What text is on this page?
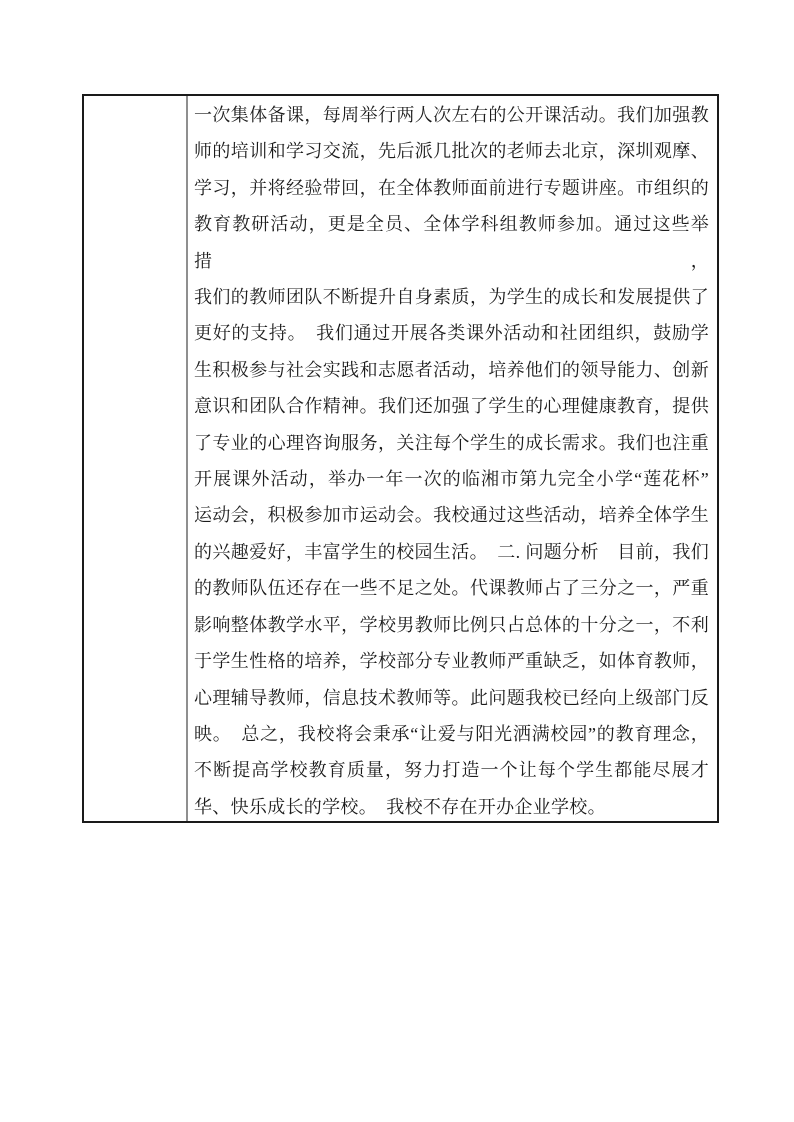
一次集体备课，每周举行两人次左右的公开课活动。我们加强教
师的培训和学习交流，先后派几批次的老师去北京，深圳观摩、
学习，并将经验带回，在全体教师面前进行专题讲座。市组织的
教育教研活动，更是全员、全体学科组教师参加。通过这些举措，
我们的教师团队不断提升自身素质，为学生的成长和发展提供了
更好的支持。　我们通过开展各类课外活动和社团组织，鼓励学
生积极参与社会实践和志愿者活动，培养他们的领导能力、创新
意识和团队合作精神。我们还加强了学生的心理健康教育，提供
了专业的心理咨询服务，关注每个学生的成长需求。我们也注重
开展课外活动，举办一年一次的临湘市第九完全小学“莲花杯”
运动会，积极参加市运动会。我校通过这些活动，培养全体学生
的兴趣爱好，丰富学生的校园生活。　二. 问题分析　目前，我们
的教师队伍还存在一些不足之处。代课教师占了三分之一，严重
影响整体教学水平，学校男教师比例只占总体的十分之一，不利
于学生性格的培养，学校部分专业教师严重缺乏，如体育教师，
心理辅导教师，信息技术教师等。此问题我校已经向上级部门反
映。　总之，我校将会秉承“让爱与阳光洒满校园”的教育理念，
不断提高学校教育质量，努力打造一个让每个学生都能尽展才
华、快乐成长的学校。　我校不存在开办企业学校。
